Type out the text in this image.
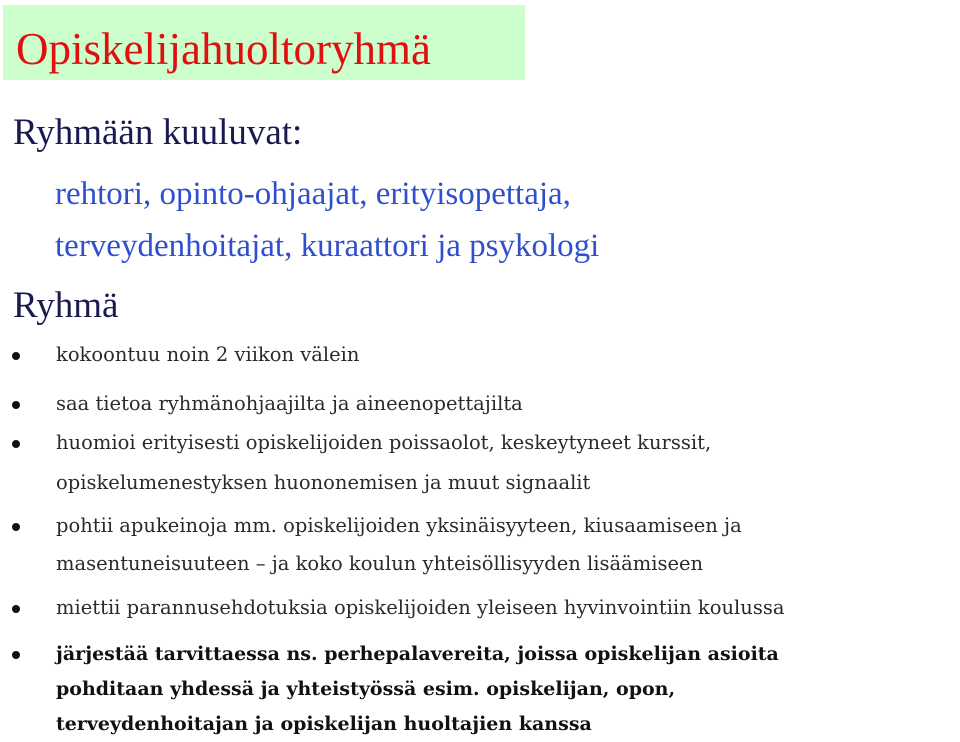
Opiskelijahuoltoryhmä
Ryhmään kuuluvat:
rehtori, opinto-ohjaajat, erityisopettaja,
terveydenhoitajat, kuraattori ja psykologi
Ryhmä
kokoontuu noin 2 viikon välein
saa tietoa ryhmänohjaajilta ja aineenopettajilta
huomioi erityisesti opiskelijoiden poissaolot, keskeytyneet kurssit,
opiskelumenestyksen huononemisen ja muut signaalit
pohtii apukeinoja mm. opiskelijoiden yksinäisyyteen, kiusaamiseen ja
masentuneisuuteen – ja koko koulun yhteisöllisyyden lisäämiseen
miettii parannusehdotuksia opiskelijoiden yleiseen hyvinvointiin koulussa
järjestää tarvittaessa ns. perhepalavereita, joissa opiskelijan asioita
pohditaan yhdessä ja yhteistyössä esim. opiskelijan, opon,
terveydenhoitajan ja opiskelijan huoltajien kanssa
